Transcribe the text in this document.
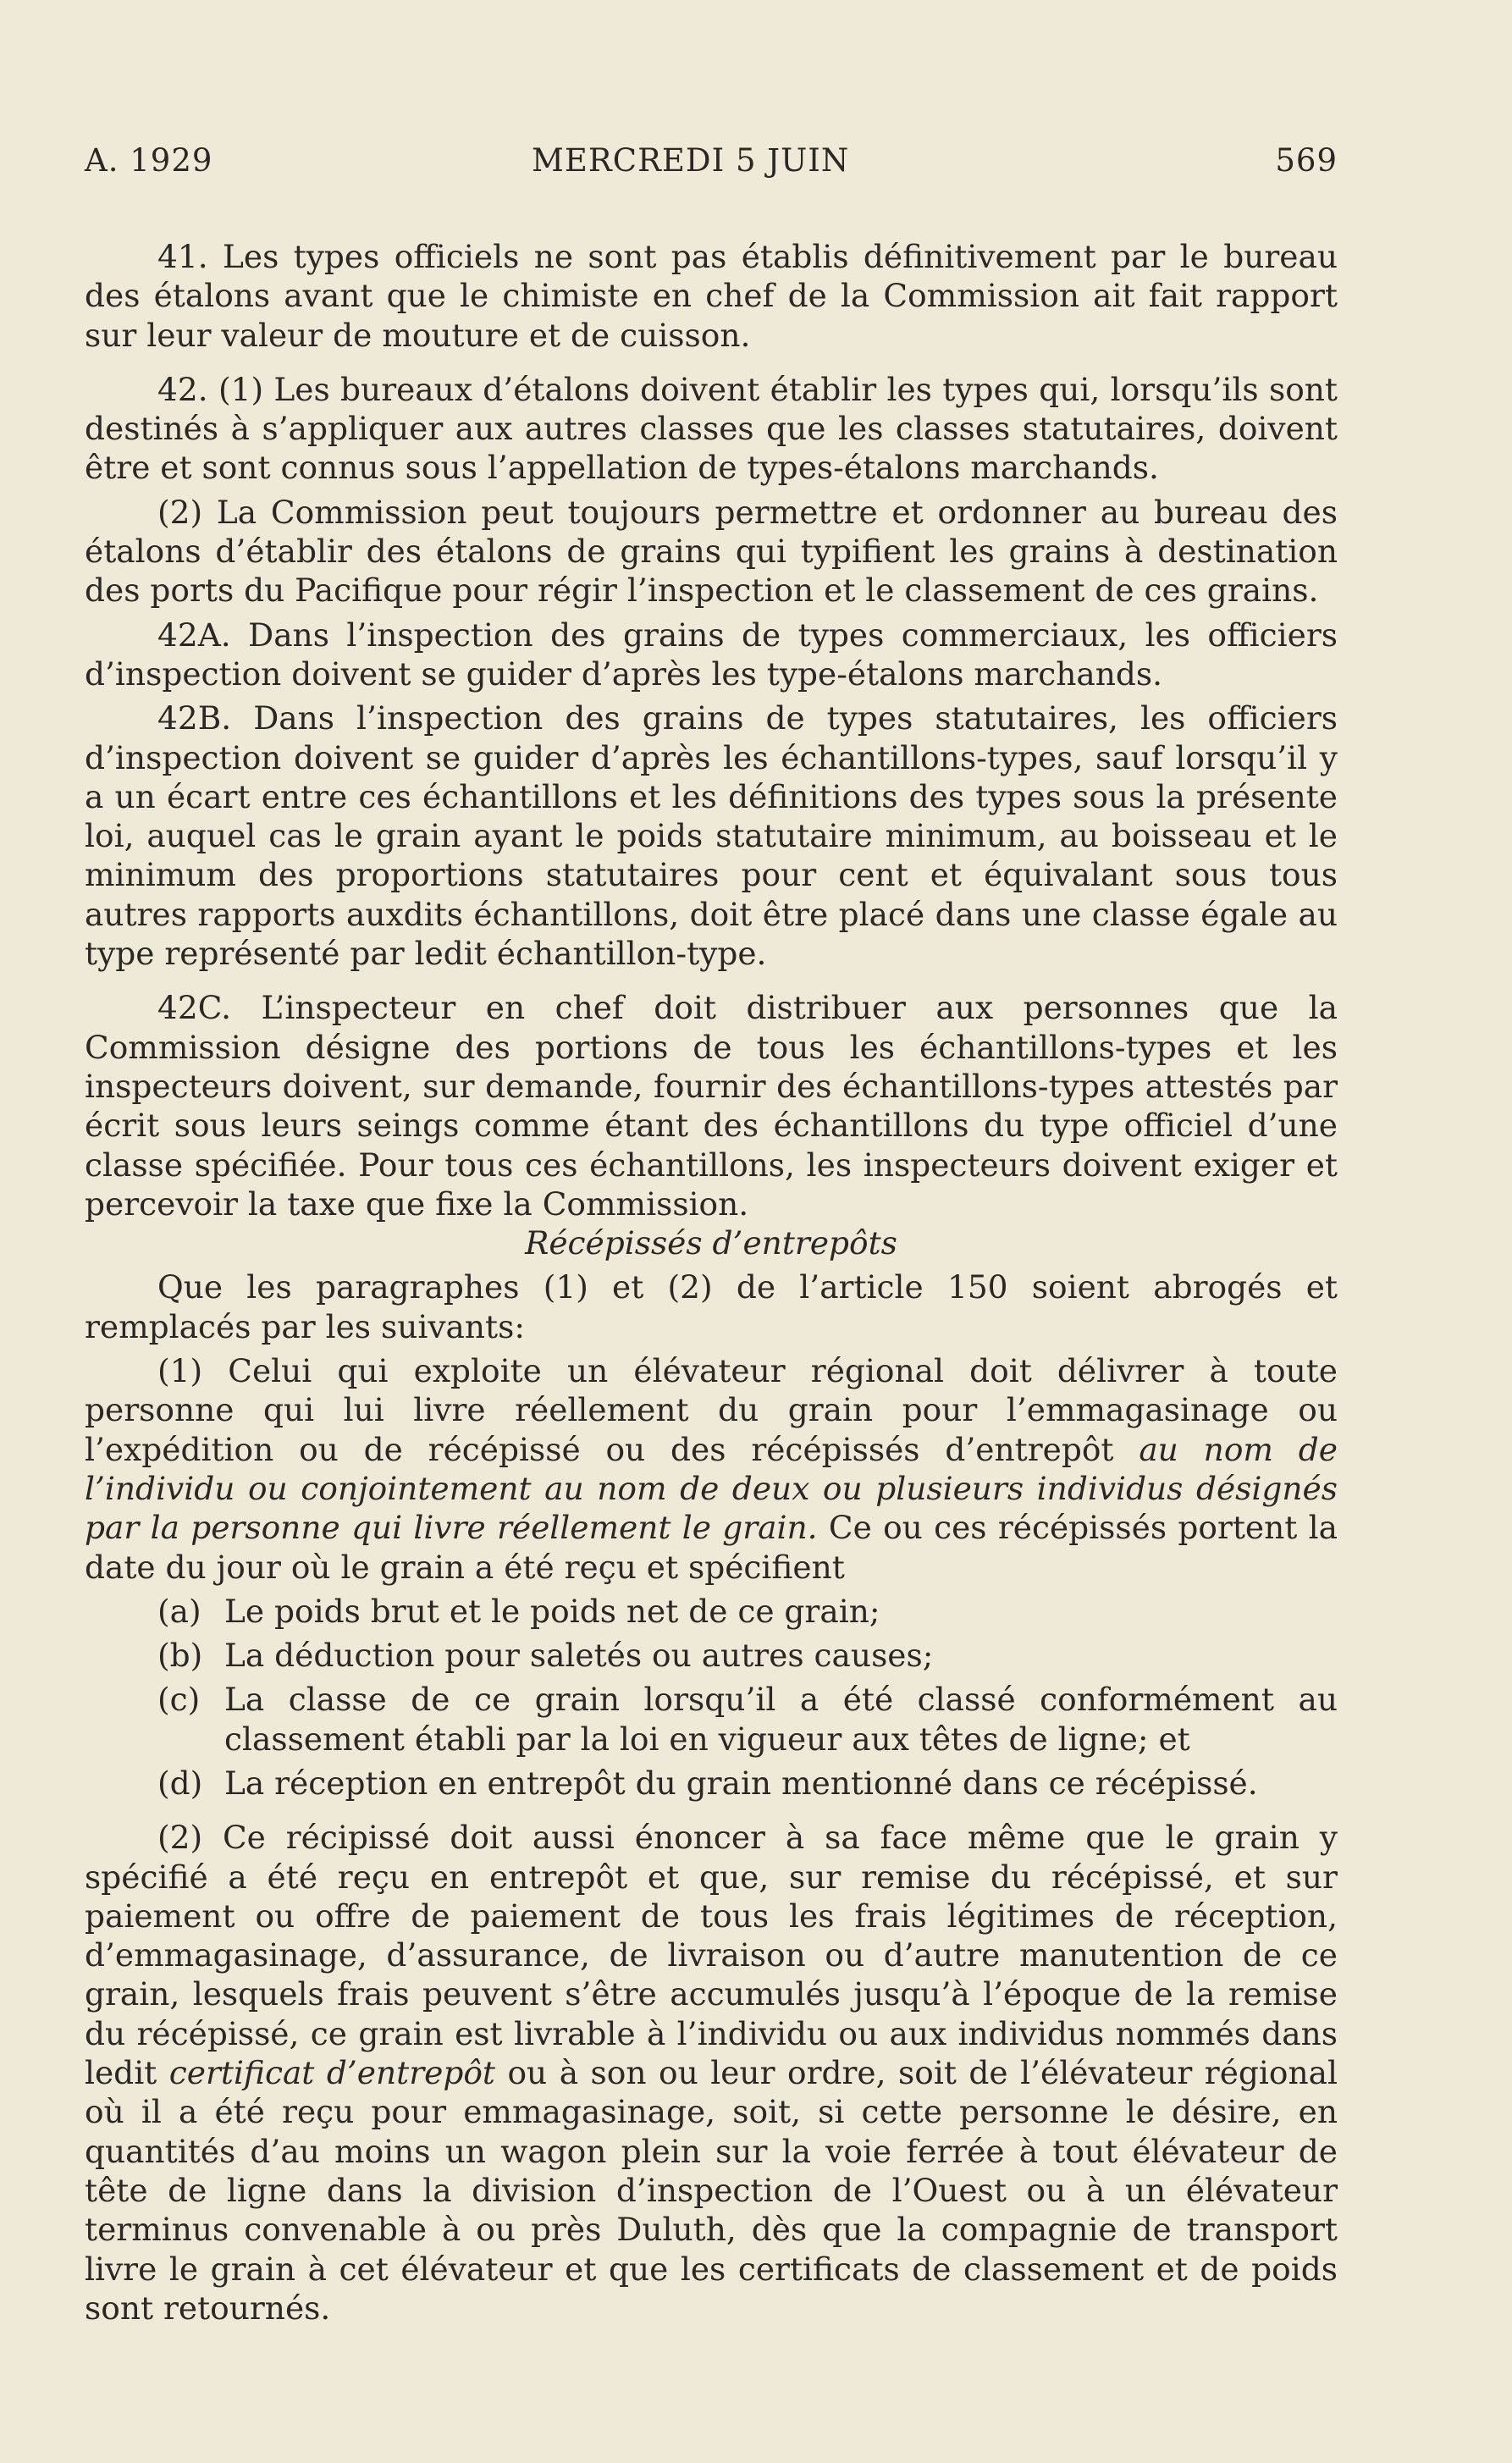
A. 1929	MERCREDI 5 JUIN	569

41. Les types officiels ne sont pas établis définitivement par le bureau des étalons avant que le chimiste en chef de la Commission ait fait rapport sur leur valeur de mouture et de cuisson.

42. (1) Les bureaux d’étalons doivent établir les types qui, lorsqu’ils sont destinés à s’appliquer aux autres classes que les classes statutaires, doivent être et sont connus sous l’appellation de types-étalons marchands.

(2) La Commission peut toujours permettre et ordonner au bureau des étalons d’établir des étalons de grains qui typifient les grains à destination des ports du Pacifique pour régir l’inspection et le classement de ces grains.

42A. Dans l’inspection des grains de types commerciaux, les officiers d’inspection doivent se guider d’après les type-étalons marchands.

42B. Dans l’inspection des grains de types statutaires, les officiers d’inspection doivent se guider d’après les échantillons-types, sauf lorsqu’il y a un écart entre ces échantillons et les définitions des types sous la présente loi, auquel cas le grain ayant le poids statutaire minimum, au boisseau et le minimum des proportions statutaires pour cent et équivalant sous tous autres rapports auxdits échantillons, doit être placé dans une classe égale au type représenté par ledit échantillon-type.

42C. L’inspecteur en chef doit distribuer aux personnes que la Commission désigne des portions de tous les échantillons-types et les inspecteurs doivent, sur demande, fournir des échantillons-types attestés par écrit sous leurs seings comme étant des échantillons du type officiel d’une classe spécifiée. Pour tous ces échantillons, les inspecteurs doivent exiger et percevoir la taxe que fixe la Commission.

Récépissés d’entrepôts

Que les paragraphes (1) et (2) de l’article 150 soient abrogés et remplacés par les suivants:

(1) Celui qui exploite un élévateur régional doit délivrer à toute personne qui lui livre réellement du grain pour l’emmagasinage ou l’expédition ou de récépissé ou des récépissés d’entrepôt au nom de l’individu ou conjointement au nom de deux ou plusieurs individus désignés par la personne qui livre réellement le grain. Ce ou ces récépissés portent la date du jour où le grain a été reçu et spécifient

(a) Le poids brut et le poids net de ce grain;

(b) La déduction pour saletés ou autres causes;

(c) La classe de ce grain lorsqu’il a été classé conformément au classement établi par la loi en vigueur aux têtes de ligne; et

(d) La réception en entrepôt du grain mentionné dans ce récépissé.

(2) Ce récipissé doit aussi énoncer à sa face même que le grain y spécifié a été reçu en entrepôt et que, sur remise du récépissé, et sur paiement ou offre de paiement de tous les frais légitimes de réception, d’emmagasinage, d’assurance, de livraison ou d’autre manutention de ce grain, lesquels frais peuvent s’être accumulés jusqu’à l’époque de la remise du récépissé, ce grain est livrable à l’individu ou aux individus nommés dans ledit certificat d’entrepôt ou à son ou leur ordre, soit de l’élévateur régional où il a été reçu pour emmagasinage, soit, si cette personne le désire, en quantités d’au moins un wagon plein sur la voie ferrée à tout élévateur de tête de ligne dans la division d’inspection de l’Ouest ou à un élévateur terminus convenable à ou près Duluth, dès que la compagnie de transport livre le grain à cet élévateur et que les certificats de classement et de poids sont retournés.
